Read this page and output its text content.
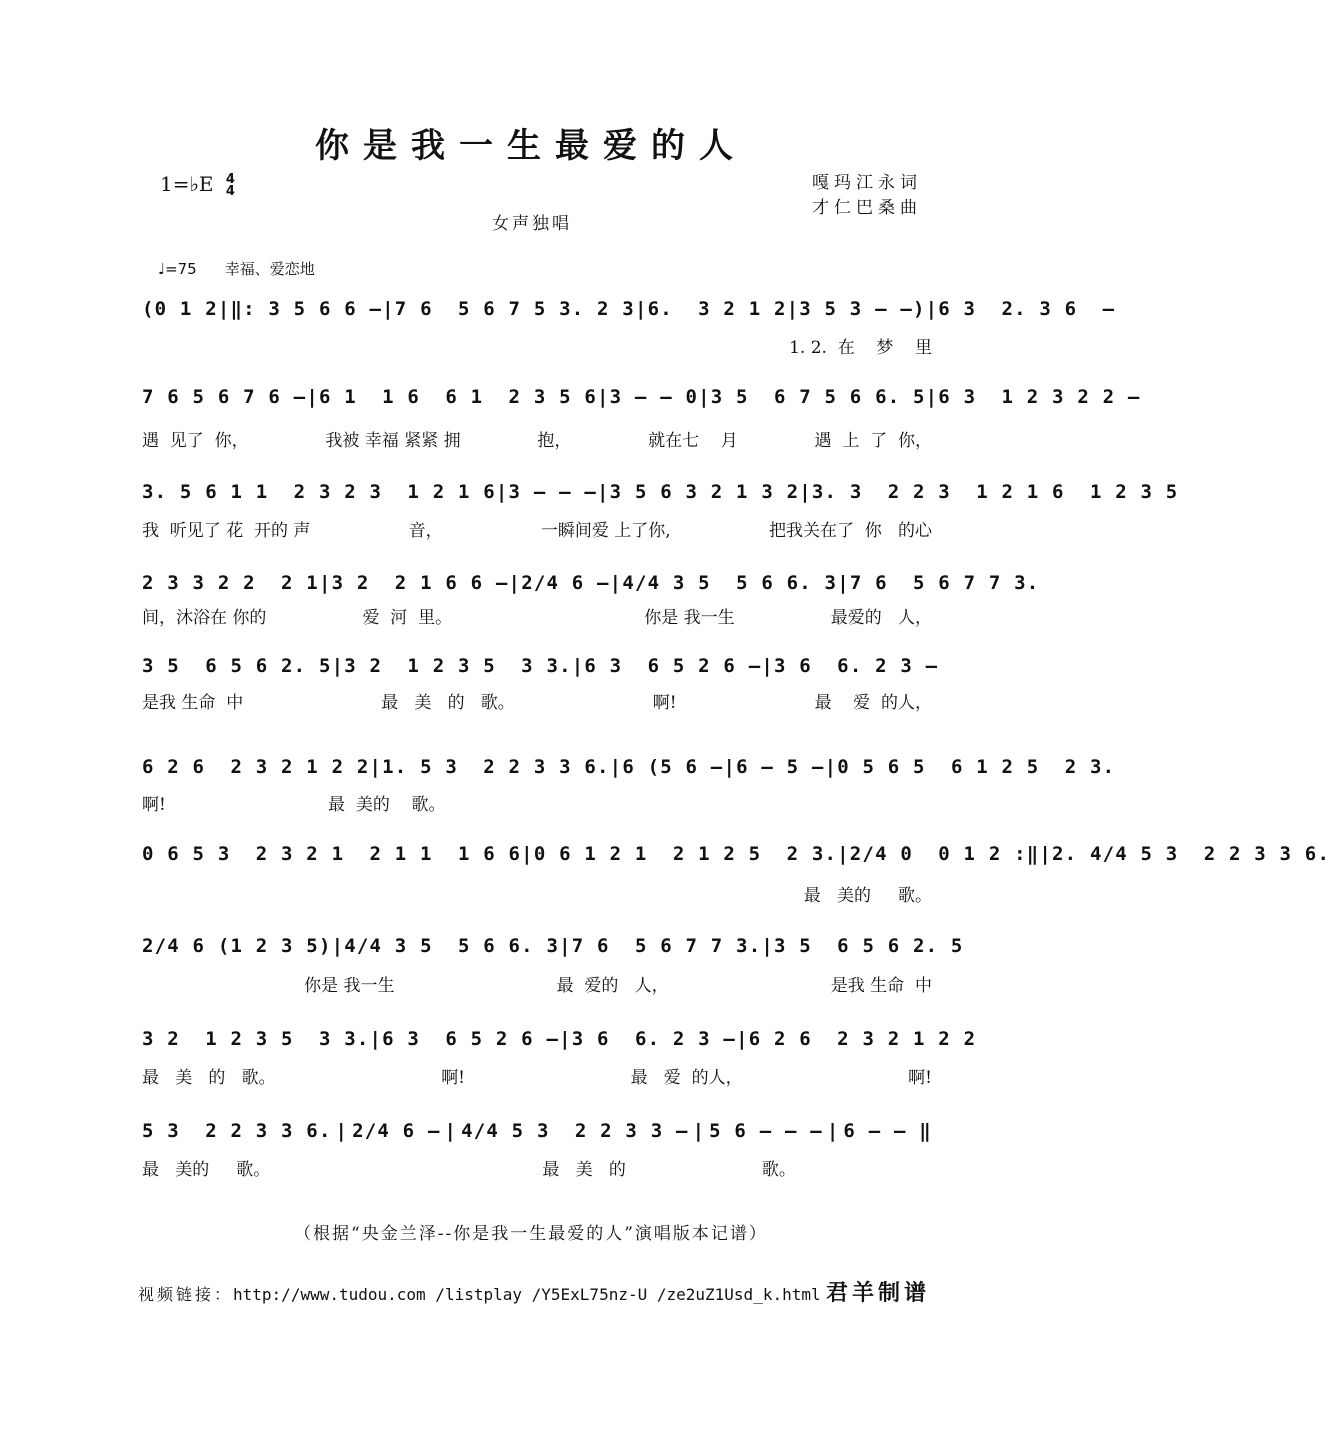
你是我一生最爱的人
1=♭E 4
4	嘎玛江永词
才仁巴桑曲
女声独唱
♩=75 幸福、爱恋地
(0 1 2 | ‖: 3 5 6 6 – | 7 6  5 6 7 5 3. 2 3 | 6.  3 2 1 2 | 3 5 3 – –) | 6 3  2. 3 6  –
1. 2.  在    梦    里
7 6 5 6 7 6 – | 6 1  1 6  6 1  2 3 5 6 | 3 – – 0 | 3 5  6 7 5 6 6. 5 | 6 3  1 2 3 2 2 –
遇  见了  你，	我被 幸福 紧紧 拥	抱，	就在七    月	遇  上  了  你，
3. 5 6 1 1  2 3 2 3  1 2 1 6 | 3 – – – | 3 5 6 3 2 1 3 2 | 3. 3  2 2 3  1 2 1 6  1 2 3 5
我  听见了 花  开的 声	音，	一瞬间爱 上了你,	把我关在了  你   的心
2 3 3 2 2  2 1 | 3 2  2 1 6 6 – | 2/4 6 – | 4/4 3 5  5 6 6. 3 | 7 6  5 6 7 7 3.
间，沐浴在 你的	爱  河  里。	你是 我一生	最爱的   人，
3 5  6 5 6 2. 5 | 3 2  1 2 3 5  3 3. | 6 3  6 5 2 6 – | 3 6  6. 2 3 –
是我 生命  中	最   美   的   歌。	啊!	最    爱  的人，
6 2 6  2 3 2 1 2 2 | 1. 5 3  2 2 3 3 6. | 6 (5 6 – | 6 – 5 – | 0 5 6 5  6 1 2 5  2 3.
啊!	最  美的    歌。
0 6 5 3  2 3 2 1  2 1 1  1 6 6 | 0 6 1 2 1  2 1 2 5  2 3. | 2/4 0  0 1 2 :‖ | 2. 4/4 5 3  2 2 3 3 6.
最   美的     歌。
2/4 6 (1 2 3 5) | 4/4 3 5  5 6 6. 3 | 7 6  5 6 7 7 3. | 3 5  6 5 6 2. 5
你是 我一生	最  爱的   人，	是我 生命  中
3 2  1 2 3 5  3 3. | 6 3  6 5 2 6 – | 3 6  6. 2 3 – | 6 2 6  2 3 2 1 2 2
最   美   的   歌。	啊!	最   爱  的人，	啊!
5 3  2 2 3 3 6. | 2/4 6 – | 4/4 5 3  2 2 3 3 – | 5 6 – – – | 6 – – ‖
最   美的     歌。	最   美   的	歌。
（根据“央金兰泽--你是我一生最爱的人”演唱版本记谱）
视频链接：http://www.tudou.com /listplay /Y5ExL75nz-U /ze2uZ1Usd_k.html 君羊制谱
